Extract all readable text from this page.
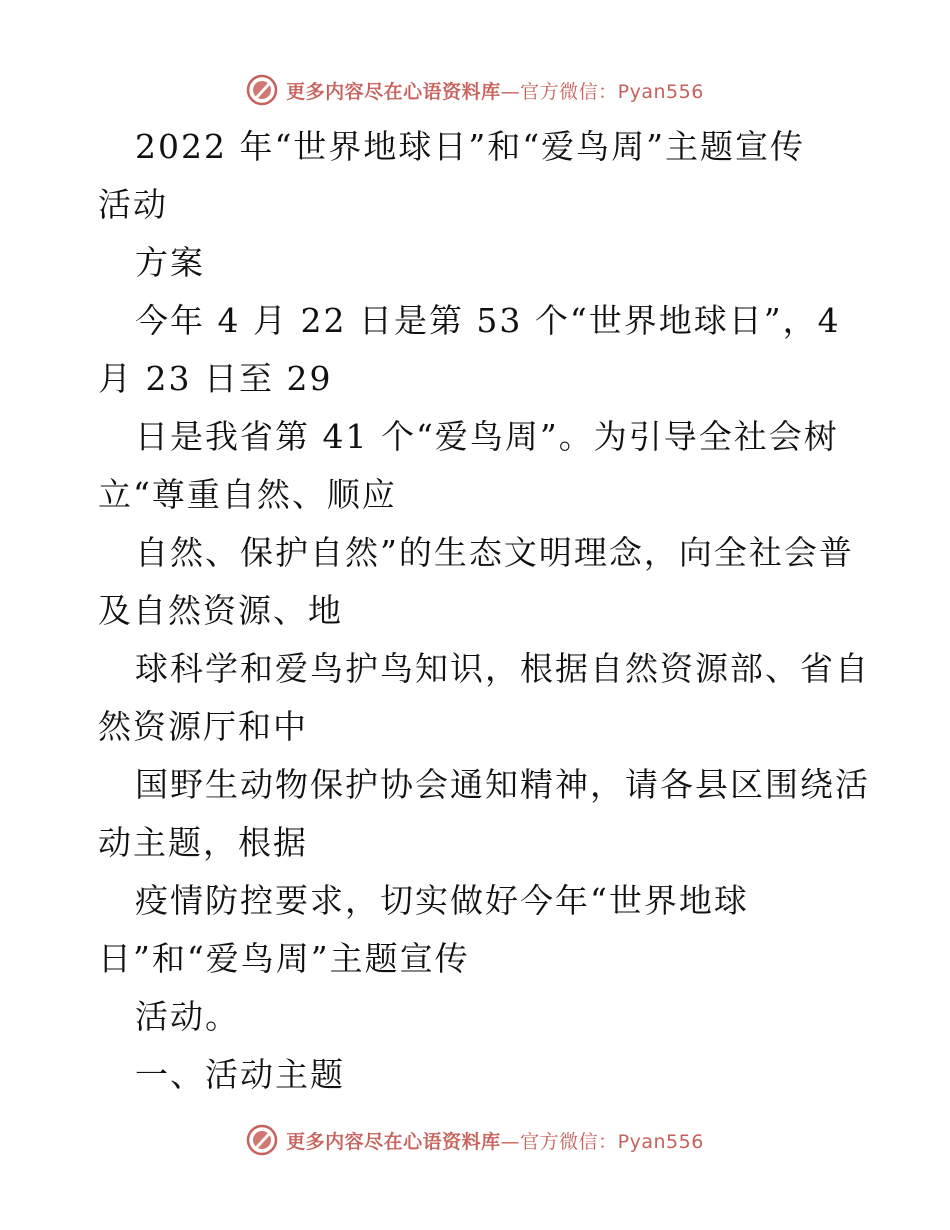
更多内容尽在心语资料库—官方微信：Pyan556

2022 年“世界地球日”和“爱鸟周”主题宣传

活动

方案

今年 4 月 22 日是第 53 个“世界地球日”，4

月 23 日至 29

日是我省第 41 个“爱鸟周”。为引导全社会树

立“尊重自然、顺应

自然、保护自然”的生态文明理念，向全社会普

及自然资源、地

球科学和爱鸟护鸟知识，根据自然资源部、省自

然资源厅和中

国野生动物保护协会通知精神，请各县区围绕活

动主题，根据

疫情防控要求，切实做好今年“世界地球

日”和“爱鸟周”主题宣传

活动。

一、活动主题

更多内容尽在心语资料库—官方微信：Pyan556
